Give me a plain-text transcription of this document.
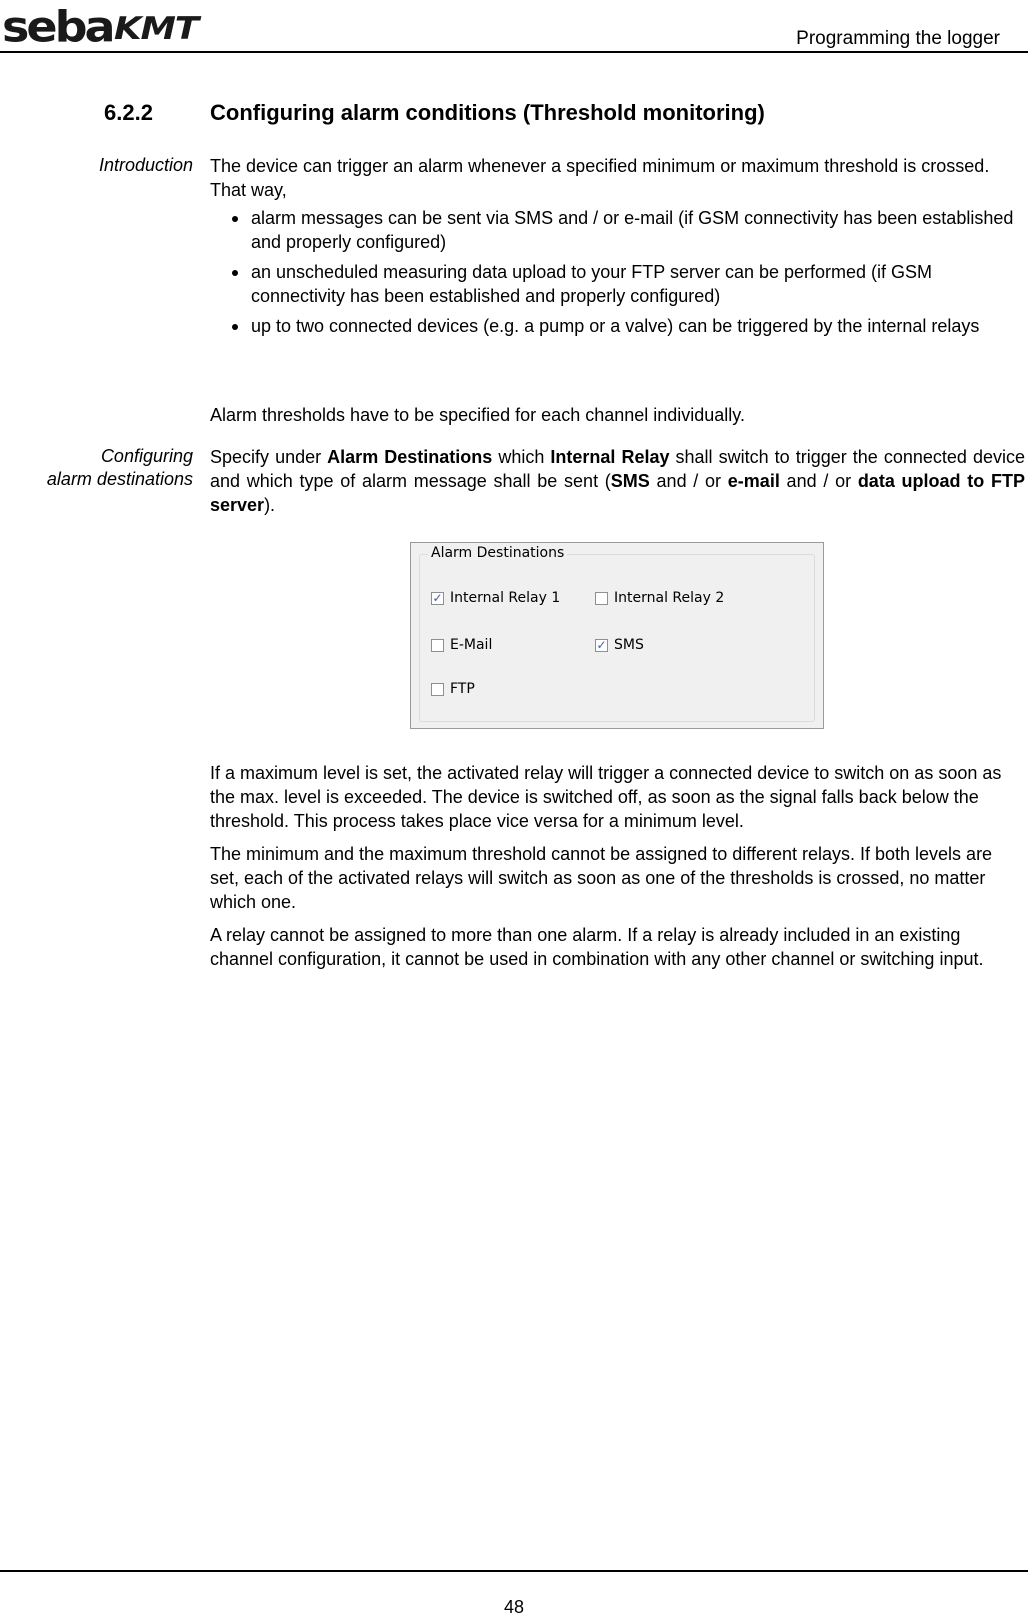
seba KMT	Programming the logger
6.2.2	Configuring alarm conditions (Threshold monitoring)
Introduction The device can trigger an alarm whenever a specified minimum or maximum threshold is crossed. That way,

alarm messages can be sent via SMS and / or e-mail (if GSM connectivity has been established and properly configured)
an unscheduled measuring data upload to your FTP server can be performed (if GSM connectivity has been established and properly configured)
up to two connected devices (e.g. a pump or a valve) can be triggered by the internal relays
Alarm thresholds have to be specified for each channel individually.
Configuring
alarm destinations
Specify under Alarm Destinations which Internal Relay shall switch to trigger the connected device and which type of alarm message shall be sent (SMS and / or e-mail and / or data upload to FTP server).
Alarm Destinations
✓
Internal Relay 1	Internal Relay 2
E-Mail
✓	SMS
FTP

If a maximum level is set, the activated relay will trigger a connected device to switch on as soon as the max. level is exceeded. The device is switched off, as soon as the signal falls back below the threshold. This process takes place vice versa for a minimum level.

The minimum and the maximum threshold cannot be assigned to different relays. If both levels are set, each of the activated relays will switch as soon as one of the thresholds is crossed, no matter which one.

A relay cannot be assigned to more than one alarm. If a relay is already included in an existing channel configuration, it cannot be used in combination with any other channel or switching input.

48
